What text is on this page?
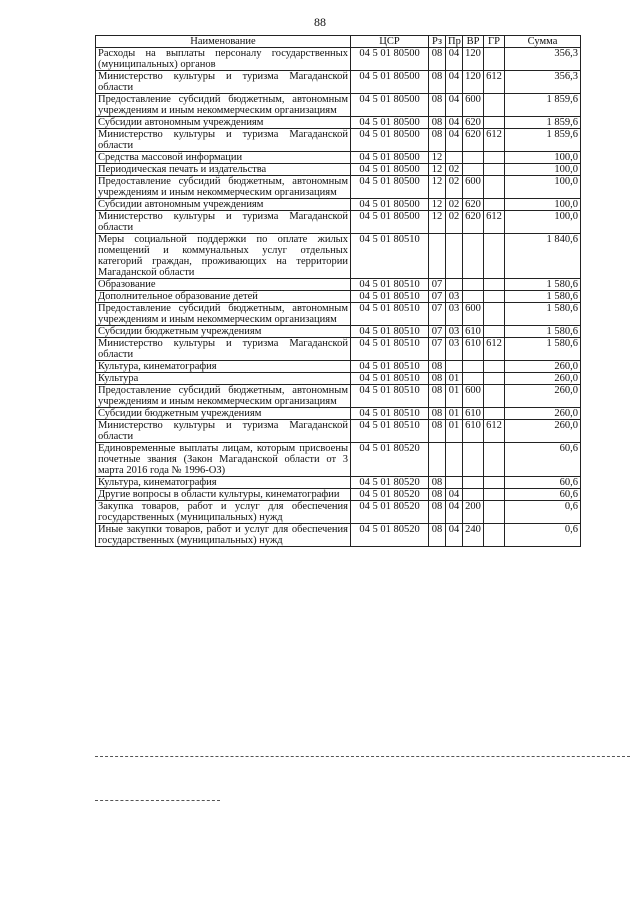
88
Наименование	ЦСР	Рз	Пр	ВР	ГР	Сумма
Расходы на выплаты персоналу государственных (муниципальных) органов	04 5 01 80500	08	04	120		356,3
Министерство культуры и туризма Магаданской области	04 5 01 80500	08	04	120	612	356,3
Предоставление субсидий бюджетным, автономным учреждениям и иным некоммерческим организациям	04 5 01 80500	08	04	600		1 859,6
Субсидии автономным учреждениям	04 5 01 80500	08	04	620		1 859,6
Министерство культуры и туризма Магаданской области	04 5 01 80500	08	04	620	612	1 859,6
Средства массовой информации	04 5 01 80500	12				100,0
Периодическая печать и издательства	04 5 01 80500	12	02			100,0
Предоставление субсидий бюджетным, автономным учреждениям и иным некоммерческим организациям	04 5 01 80500	12	02	600		100,0
Субсидии автономным учреждениям	04 5 01 80500	12	02	620		100,0
Министерство культуры и туризма Магаданской области	04 5 01 80500	12	02	620	612	100,0
Меры социальной поддержки по оплате жилых помещений и коммунальных услуг отдельных категорий граждан, проживающих на территории Магаданской области	04 5 01 80510					1 840,6
Образование	04 5 01 80510	07				1 580,6
Дополнительное образование детей	04 5 01 80510	07	03			1 580,6
Предоставление субсидий бюджетным, автономным учреждениям и иным некоммерческим организациям	04 5 01 80510	07	03	600		1 580,6
Субсидии бюджетным учреждениям	04 5 01 80510	07	03	610		1 580,6
Министерство культуры и туризма Магаданской области	04 5 01 80510	07	03	610	612	1 580,6
Культура, кинематография	04 5 01 80510	08				260,0
Культура	04 5 01 80510	08	01			260,0
Предоставление субсидий бюджетным, автономным учреждениям и иным некоммерческим организациям	04 5 01 80510	08	01	600		260,0
Субсидии бюджетным учреждениям	04 5 01 80510	08	01	610		260,0
Министерство культуры и туризма Магаданской области	04 5 01 80510	08	01	610	612	260,0
Единовременные выплаты лицам, которым присвоены почетные звания (Закон Магаданской области от 3 марта 2016 года № 1996-ОЗ)	04 5 01 80520					60,6
Культура, кинематография	04 5 01 80520	08				60,6
Другие вопросы в области культуры, кинематографии	04 5 01 80520	08	04			60,6
Закупка товаров, работ и услуг для обеспечения государственных (муниципальных) нужд	04 5 01 80520	08	04	200		0,6
Иные закупки товаров, работ и услуг для обеспечения государственных (муниципальных) нужд	04 5 01 80520	08	04	240		0,6
